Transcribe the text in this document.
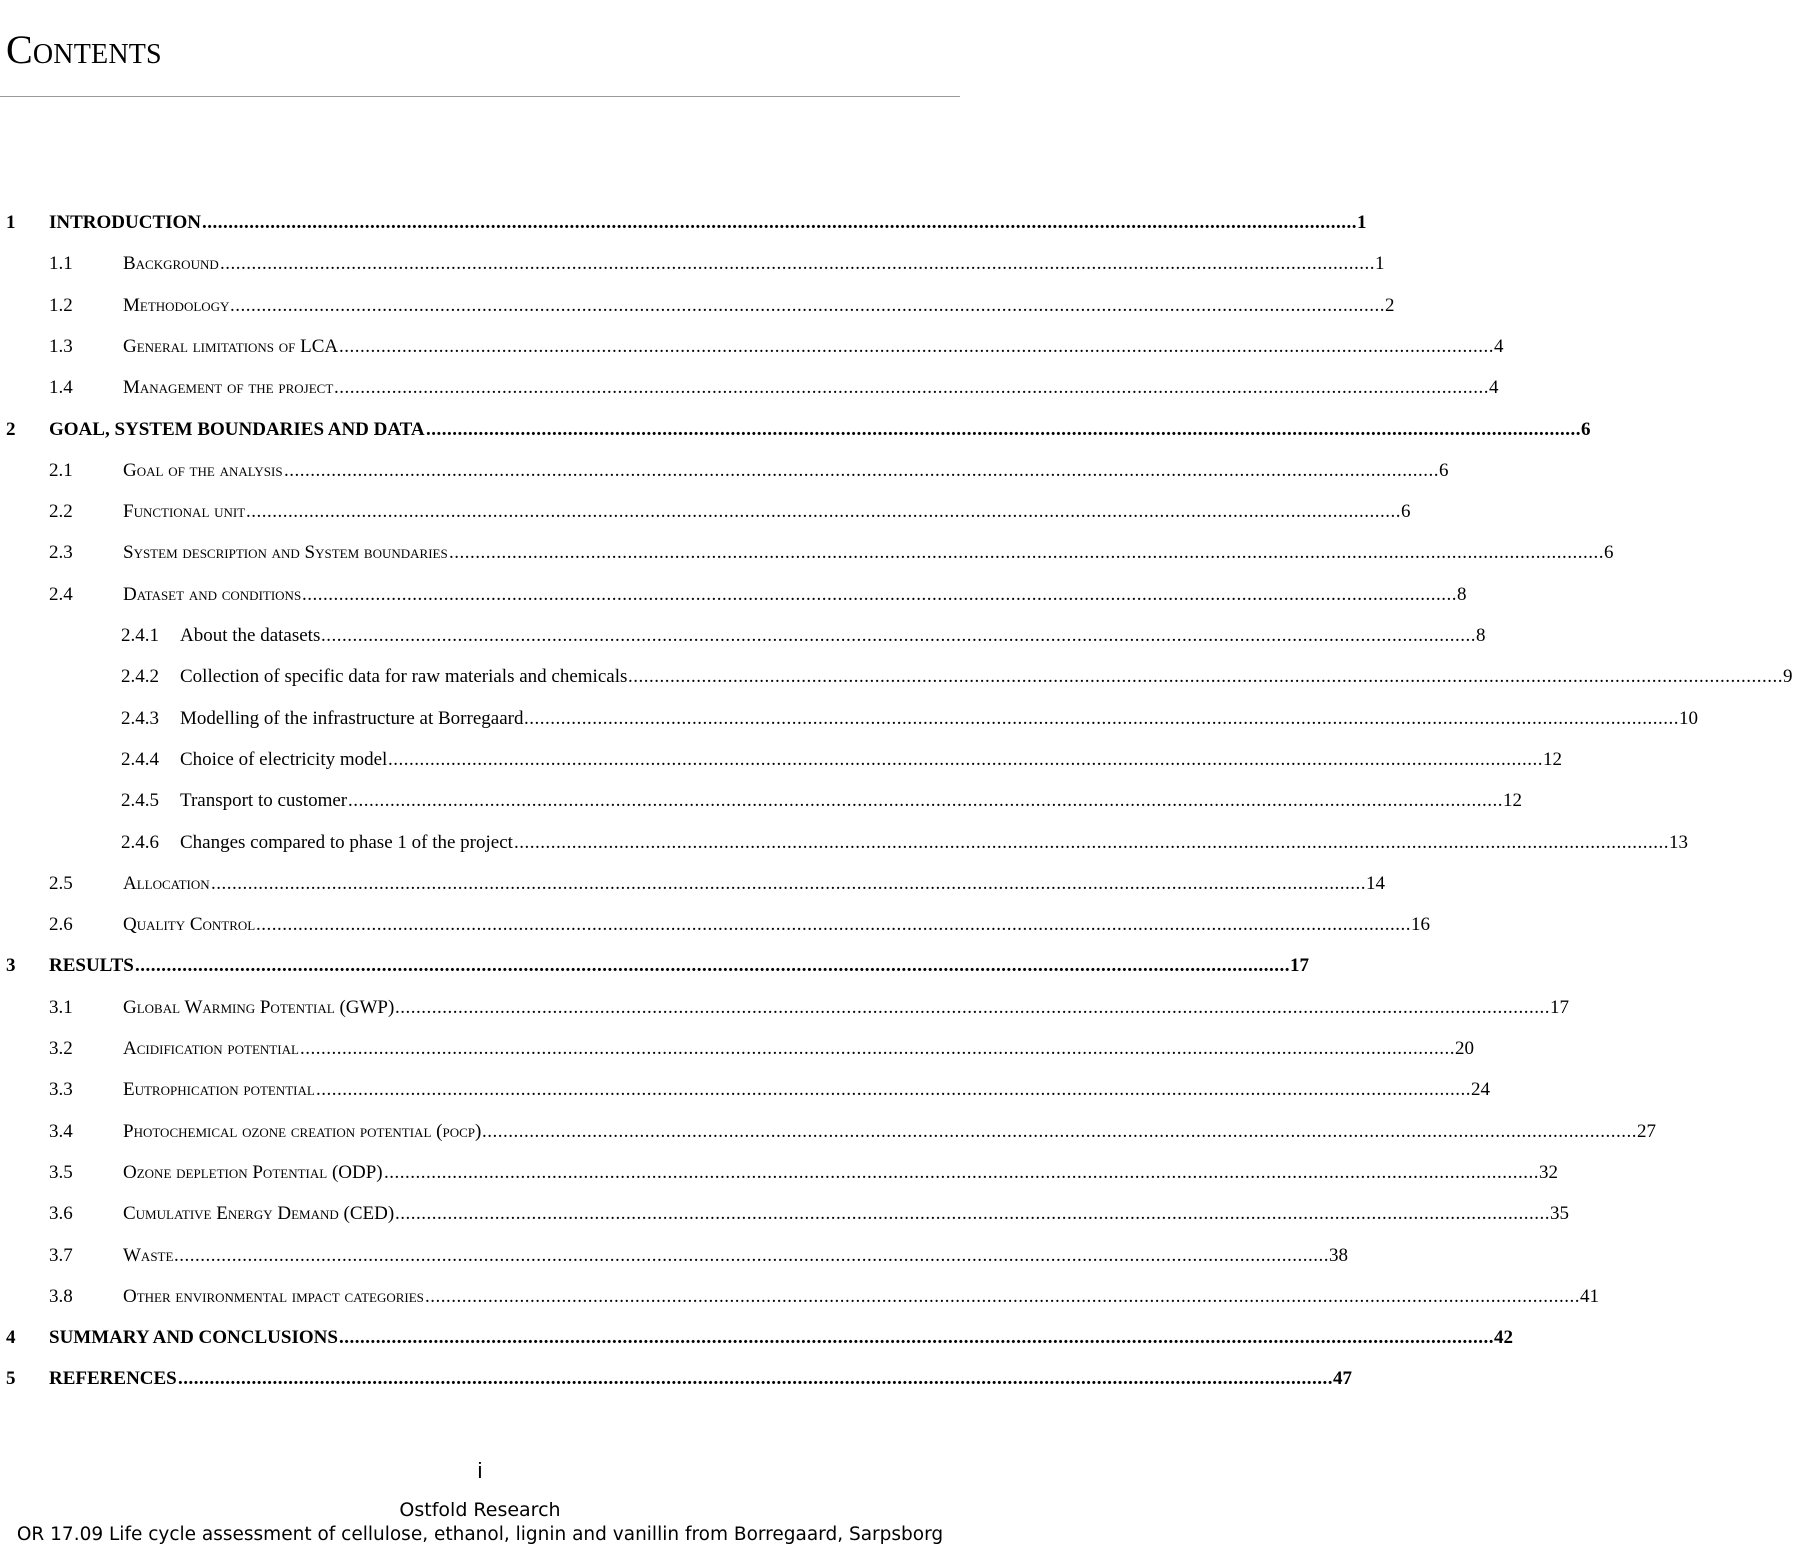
Contents
1 INTRODUCTION ............................................................................................................................................................................................................................ 1
1.1	Background ............................................................................................................................................................................................................................ 1
1.2	Methodology ............................................................................................................................................................................................................................ 2
1.3	General limitations of LCA ............................................................................................................................................................................................................................ 4
1.4	Management of the project ............................................................................................................................................................................................................................ 4
2 GOAL, SYSTEM BOUNDARIES AND DATA ............................................................................................................................................................................................................................ 6
2.1	Goal of the analysis ............................................................................................................................................................................................................................ 6
2.2	Functional unit ............................................................................................................................................................................................................................ 6
2.3	System description and System boundaries ............................................................................................................................................................................................................................ 6
2.4	Dataset and conditions ............................................................................................................................................................................................................................ 8
2.4.1 About the datasets ............................................................................................................................................................................................................................ 8
2.4.2 Collection of specific data for raw materials and chemicals ............................................................................................................................................................................................................................ 9
2.4.3 Modelling of the infrastructure at Borregaard ............................................................................................................................................................................................................................ 10
2.4.4 Choice of electricity model ............................................................................................................................................................................................................................ 12
2.4.5 Transport to customer ............................................................................................................................................................................................................................ 12
2.4.6 Changes compared to phase 1 of the project ............................................................................................................................................................................................................................ 13
2.5	Allocation ............................................................................................................................................................................................................................ 14
2.6	Quality Control ............................................................................................................................................................................................................................ 16
3 RESULTS ............................................................................................................................................................................................................................ 17
3.1	Global Warming Potential (GWP) ............................................................................................................................................................................................................................ 17
3.2	Acidification potential ............................................................................................................................................................................................................................ 20
3.3	Eutrophication potential ............................................................................................................................................................................................................................ 24
3.4	Photochemical ozone creation potential (pocp) ............................................................................................................................................................................................................................ 27
3.5	Ozone depletion Potential (ODP) ............................................................................................................................................................................................................................ 32
3.6	Cumulative Energy Demand (CED) ............................................................................................................................................................................................................................ 35
3.7	Waste ............................................................................................................................................................................................................................ 38
3.8	Other environmental impact categories ............................................................................................................................................................................................................................ 41
4 SUMMARY AND CONCLUSIONS ............................................................................................................................................................................................................................ 42
5 REFERENCES ............................................................................................................................................................................................................................ 47
i
Ostfold Research
OR 17.09 Life cycle assessment of cellulose, ethanol, lignin and vanillin from Borregaard, Sarpsborg
